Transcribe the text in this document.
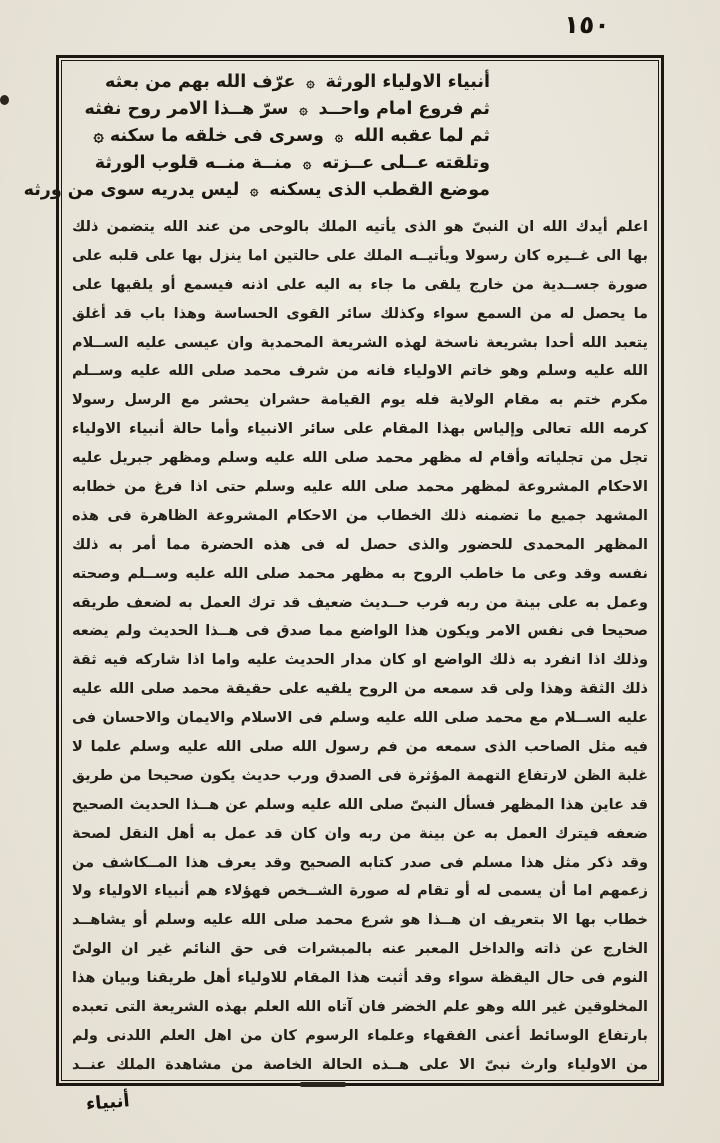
١٥٠
أنبياء الاولياء الورثة
۞
عرّف الله بهم من بعثه
ثم فروع امام واحــد
۞
سرّ هــذا الامر روح نفثه
ثم لما عقبه الله
۞
وسرى فى خلقه ما سكنه ۞
وتلقته عــلى عــزته
۞
منــة منــه قلوب الورثة
موضع القطب الذى يسكنه
۞
ليس يدريه سوى من ورثه
اعلم أيدك الله ان النبىّ هو الذى يأتيه الملك بالوحى من عند الله يتضمن ذلك
بها الى غــيره كان رسولا ويأتيــه الملك على حالتين اما ينزل بها على قلبه على
صورة جســدية من خارج يلقى ما جاء به اليه على اذنه فيسمع أو يلقيها على
ما يحصل له من السمع سواء وكذلك سائر القوى الحساسة وهذا باب قد أغلق
يتعبد الله أحدا بشريعة ناسخة لهذه الشريعة المحمدية وان عيسى عليه الســلام
الله عليه وسلم وهو خاتم الاولياء فانه من شرف محمد صلى الله عليه وســلم
مكرم ختم به مقام الولاية فله يوم القيامة حشران يحشر مع الرسل رسولا
كرمه الله تعالى وإلياس بهذا المقام على سائر الانبياء وأما حالة أنبياء الاولياء
تجل من تجلياته وأقام له مظهر محمد صلى الله عليه وسلم ومظهر جبريل عليه
الاحكام المشروعة لمظهر محمد صلى الله عليه وسلم حتى اذا فرغ من خطابه
المشهد جميع ما تضمنه ذلك الخطاب من الاحكام المشروعة الظاهرة فى هذه
المظهر المحمدى للحضور والذى حصل له فى هذه الحضرة مما أمر به ذلك
نفسه وقد وعى ما خاطب الروح به مظهر محمد صلى الله عليه وســلم وصحته
وعمل به على بينة من ربه فرب حــديث ضعيف قد ترك العمل به لضعف طريقه
صحيحا فى نفس الامر ويكون هذا الواضع مما صدق فى هــذا الحديث ولم يضعه
وذلك اذا انفرد به ذلك الواضع او كان مدار الحديث عليه واما اذا شاركه فيه ثقة
ذلك الثقة وهذا ولى قد سمعه من الروح يلقيه على حقيقة محمد صلى الله عليه
عليه الســلام مع محمد صلى الله عليه وسلم فى الاسلام والايمان والاحسان فى
فيه مثل الصاحب الذى سمعه من فم رسول الله صلى الله عليه وسلم علما لا
غلبة الظن لارتفاع التهمة المؤثرة فى الصدق ورب حديث يكون صحيحا من طريق
قد عاين هذا المظهر فسأل النبىّ صلى الله عليه وسلم عن هــذا الحديث الصحيح
ضعفه فيترك العمل به عن بينة من ربه وان كان قد عمل به أهل النقل لصحة
وقد ذكر مثل هذا مسلم فى صدر كتابه الصحيح وقد يعرف هذا المــكاشف من
زعمهم اما أن يسمى له أو تقام له صورة الشــخص فهؤلاء هم أنبياء الاولياء ولا
خطاب بها الا بتعريف ان هــذا هو شرع محمد صلى الله عليه وسلم أو يشاهــد
الخارج عن ذاته والداخل المعبر عنه بالمبشرات فى حق النائم غير ان الولىّ
النوم فى حال اليقظة سواء وقد أثبت هذا المقام للاولياء أهل طريقنا وبيان هذا
المخلوقين غير الله وهو علم الخضر فان آتاه الله العلم بهذه الشريعة التى تعبده
بارتفاع الوسائط أعنى الفقهاء وعلماء الرسوم كان من اهل العلم اللدنى ولم
من الاولياء وارث نبىّ الا على هــذه الحالة الخاصة من مشاهدة الملك عنــد
أنبياء
